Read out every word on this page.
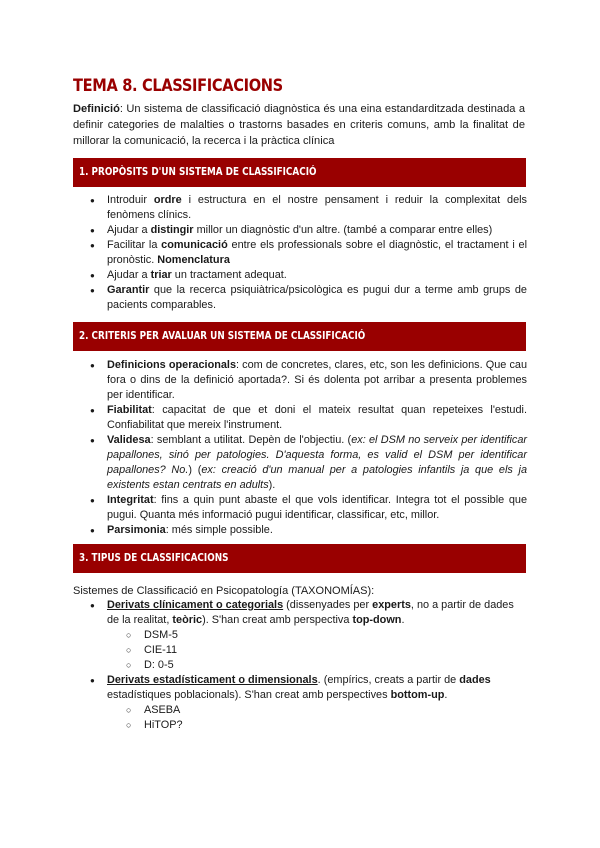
TEMA 8. CLASSIFICACIONS

Definició: Un sistema de classificació diagnòstica és una eina estandarditzada destinada a definir categories de malalties o trastorns basades en criteris comuns, amb la finalitat de millorar la comunicació, la recerca i la pràctica clínica

1. PROPÒSITS D'UN SISTEMA DE CLASSIFICACIÓ
● Introduir ordre i estructura en el nostre pensament i reduir la complexitat dels fenòmens clínics.
● Ajudar a distingir millor un diagnòstic d'un altre. (també a comparar entre elles)
● Facilitar la comunicació entre els professionals sobre el diagnòstic, el tractament i el pronòstic. Nomenclatura
● Ajudar a triar un tractament adequat.
● Garantir que la recerca psiquiàtrica/psicològica es pugui dur a terme amb grups de pacients comparables.
2. CRITERIS PER AVALUAR UN SISTEMA DE CLASSIFICACIÓ
● Definicions operacionals: com de concretes, clares, etc, son les definicions. Que cau fora o dins de la definició aportada?. Si és dolenta pot arribar a presenta problemes per identificar.
● Fiabilitat: capacitat de que et doni el mateix resultat quan repeteixes l'estudi. Confiabilitat que mereix l'instrument.
● Validesa: semblant a utilitat. Depèn de l'objectiu. (ex: el DSM no serveix per identificar papallones, sinó per patologies. D'aquesta forma, es valid el DSM per identificar papallones? No.) (ex: creació d'un manual per a patologies infantils ja que els ja existents estan centrats en adults).
● Integritat: fins a quin punt abaste el que vols identificar. Integra tot el possible que pugui. Quanta més informació pugui identificar, classificar, etc, millor.
● Parsimonia: més simple possible.
3. TIPUS DE CLASSIFICACIONS

Sistemes de Classificació en Psicopatología (TAXONOMÍAS):

● Derivats clínicament o categorials (dissenyades per experts, no a partir de dades de la realitat, teòric). S'han creat amb perspectiva top-down.
○ DSM-5
○ CIE-11
○ D: 0-5
● Derivats estadísticament o dimensionals. (empírics, creats a partir de dades estadístiques poblacionals). S'han creat amb perspectives bottom-up.
○ ASEBA
○ HiTOP?
